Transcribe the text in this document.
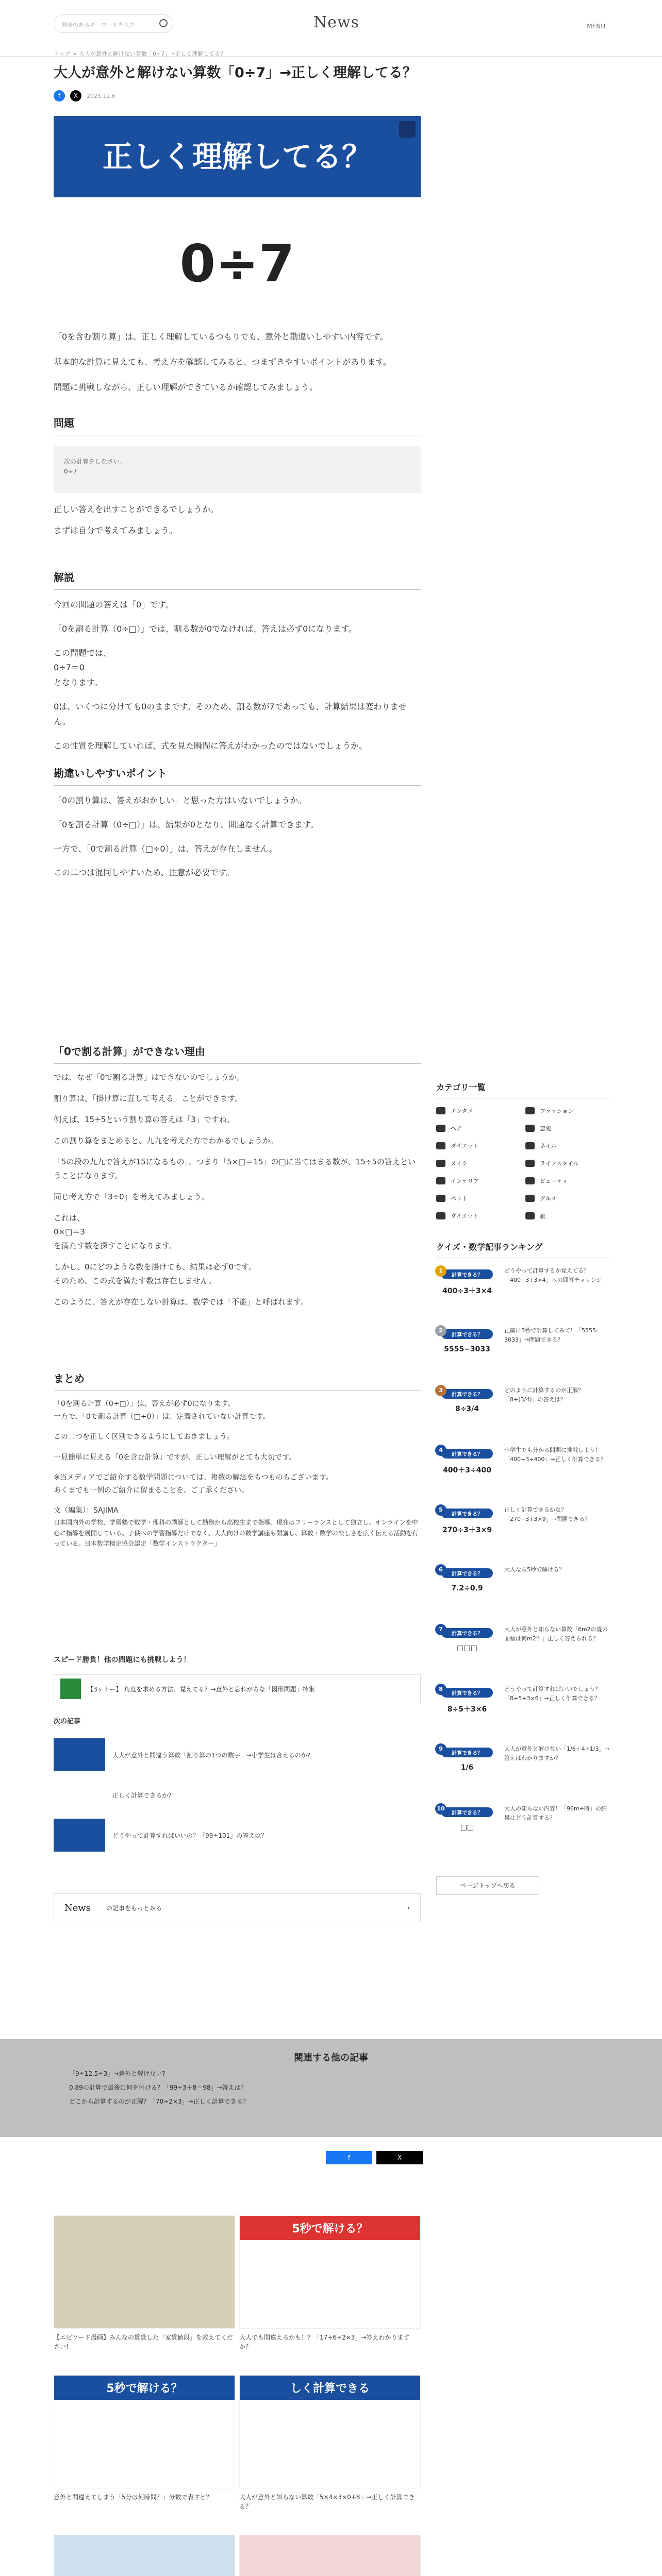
興味のあるキーワードを入力	News	MENU
トップ > 大人が意外と解けない算数「0÷7」→正しく理解してる？
大人が意外と解けない算数「0÷7」→正しく理解してる？
f	X	2025.12.6
正しく理解してる？
0÷7

「0を含む割り算」は、正しく理解しているつもりでも、意外と勘違いしやすい内容です。

基本的な計算に見えても、考え方を確認してみると、つまずきやすいポイントがあります。

問題に挑戦しながら、正しい理解ができているか確認してみましょう。

問題

次の計算をしなさい。

0÷7

正しい答えを出すことができるでしょうか。

まずは自分で考えてみましょう。

解説

今回の問題の答えは「0」です。

「0を割る計算（0÷□）」では、割る数が0でなければ、答えは必ず0になります。

この問題では、

0÷7＝0

となります。

0は、いくつに分けても0のままです。そのため、割る数が7であっても、計算結果は変わりません。

この性質を理解していれば、式を見た瞬間に答えがわかったのではないでしょうか。

勘違いしやすいポイント

「0の割り算は、答えがおかしい」と思った方はいないでしょうか。

「0を割る計算（0÷□）」は、結果が0となり、問題なく計算できます。

一方で、「0で割る計算（□÷0）」は、答えが存在しません。

この二つは混同しやすいため、注意が必要です。

「0で割る計算」ができない理由

では、なぜ「0で割る計算」はできないのでしょうか。

割り算は、「掛け算に直して考える」ことができます。

例えば、15÷5という割り算の答えは「3」ですね。

この割り算をまとめると、九九を考えた方でわかるでしょうか。

「5の段の九九で答えが15になるもの」、つまり「5×□＝15」の□に当てはまる数が、15÷5の答えということになります。

同じ考え方で「3÷0」を考えてみましょう。

これは、

0×□＝3

を満たす数を探すことになります。

しかし、0にどのような数を掛けても、結果は必ず0です。

そのため、この式を満たす数は存在しません。

このように、答えが存在しない計算は、数学では「不能」と呼ばれます。

まとめ

「0を割る計算（0÷□）」は、答えが必ず0になります。

一方で、「0で割る計算（□÷0）」は、定義されていない計算です。

この二つを正しく区別できるようにしておきましょう。

一見簡単に見える「0を含む計算」ですが、正しい理解がとても大切です。

※当メディアでご紹介する数学問題については、複数の解法をもつものもございます。

あくまでも一例のご紹介に留まることを、ご了承ください。

文（編集）：SAJIMA

日本国内外の学校、学習塾で数学・理科の講師として勤務から高校生まで指導。現在はフリーランスとして独立し、オンラインを中心に指導を展開している。子供への学習指導だけでなく、大人向けの数学講座も開講し、算数・数学の楽しさを広く伝える活動を行っている。日本数学検定協会認定「数学インストラクター」

スピード勝負！他の問題にも挑戦しよう！
【3ヶトー】 角度を求める方法、覚えてる？→意外と忘れがちな「図形問題」特集
次の記事
大人が意外と間違う算数「割り算の1つの数字」→小学生は合えるのか?
正しく計算できるか？
どうやって計算すればいいの？「99÷101」の答えは？
News	の記事をもっとみる	›
カテゴリ一覧
エンタメ	ファッション
ヘア	恋愛
ダイエット	ネイル
メイク	ライフスタイル
インテリア	ビューティ
ペット	グルメ
ダイエット	旅
クイズ・数学記事ランキング
1
計算できる？
400÷3＋3×4
どうやって計算するか覚えてる？「400÷3+3×4」への回答チャレンジ
2
計算できる？
5555−3033
正確に3秒で計算してみて！「5555-3033」→問題できる？
3
計算できる？
8÷3/4
どのように計算するのが正解？「8÷(3/4)」の答えは？
4
計算できる？
400＋3÷400
小学生でも分かる問題に挑戦しよう！「400÷3÷400」→正しく計算できる？
5
計算できる？
270÷3＋3×9
正しく計算できるかな？「270÷3+3×9」→問題できる？
6
計算できる？
7.2÷0.9
大人なら5秒で解ける？
7
計算できる？
□□□
大人が意外と知らない算数「6m2の畳の面積は何m2？」正しく答えられる？
8
計算できる？
8÷5＋3×6
どうやって計算すればいいでしょう？「8÷5+3×6」→正しく計算できる？
9
計算できる？
1/6
大人が意外と解けない「1/6＋4÷1/3」→答えはわかりますか？
10
計算できる？
□□
大人の知らない内容！「96m÷時」の結果はどう計算する？
ページトップへ戻る
関連する他の記事
「9÷12.5÷3」→意外と解けない?
0.89の計算で最後に何を付ける？「99÷3＋8＝98」→答えは？
どこから計算するのが正解？「70÷2×3」→正しく計算できる？
f	X
【エピソード漫画】みんなの賃貸した「家賃値段」を教えてください!
5秒で解ける？
大人でも間違えるかも！？「17+6÷2×3」→答えわかりますか？
5秒で解ける？
意外と間違えてしまう「5分は何時間？」分数で表すと？
しく計算できる
大人が意外と知らない算数「5×4×3×0+8」→正しく計算できる？
